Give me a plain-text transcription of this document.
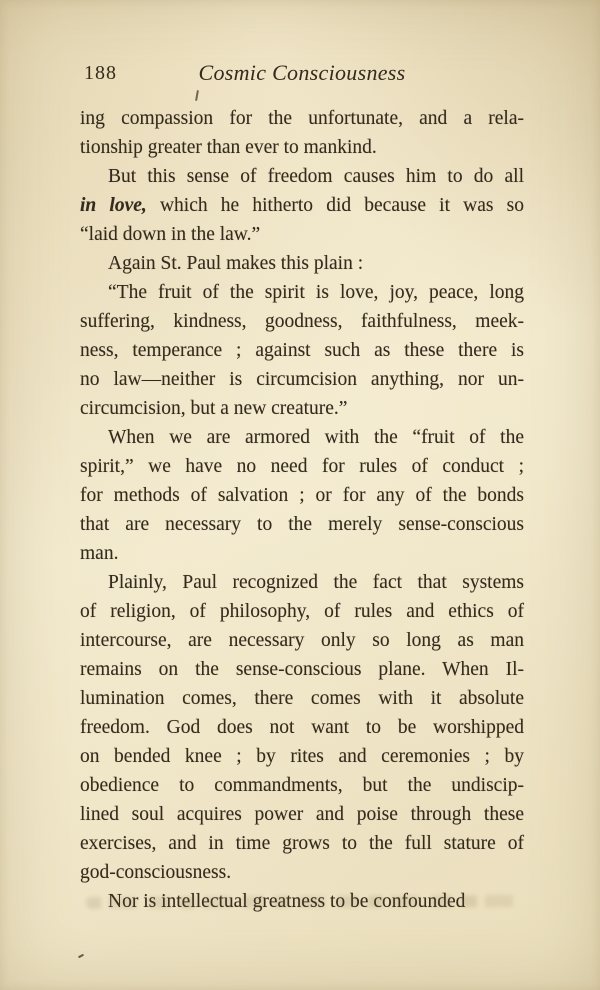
188	Cosmic Consciousness
ing compassion for the unfortunate, and a rela-
tionship greater than ever to mankind.
But this sense of freedom causes him to do all
in love, which he hitherto did because it was so
“laid down in the law.”
Again St. Paul makes this plain :
“The fruit of the spirit is love, joy, peace, long
suffering, kindness, goodness, faithfulness, meek-
ness, temperance ; against such as these there is
no law—neither is circumcision anything, nor un-
circumcision, but a new creature.”
When we are armored with the “fruit of the
spirit,” we have no need for rules of conduct ;
for methods of salvation ; or for any of the bonds
that are necessary to the merely sense-conscious
man.
Plainly, Paul recognized the fact that systems
of religion, of philosophy, of rules and ethics of
intercourse, are necessary only so long as man
remains on the sense-conscious plane. When Il-
lumination comes, there comes with it absolute
freedom. God does not want to be worshipped
on bended knee ; by rites and ceremonies ; by
obedience to commandments, but the undiscip-
lined soul acquires power and poise through these
exercises, and in time grows to the full stature of
god-consciousness.
Nor is intellectual greatness to be confounded
